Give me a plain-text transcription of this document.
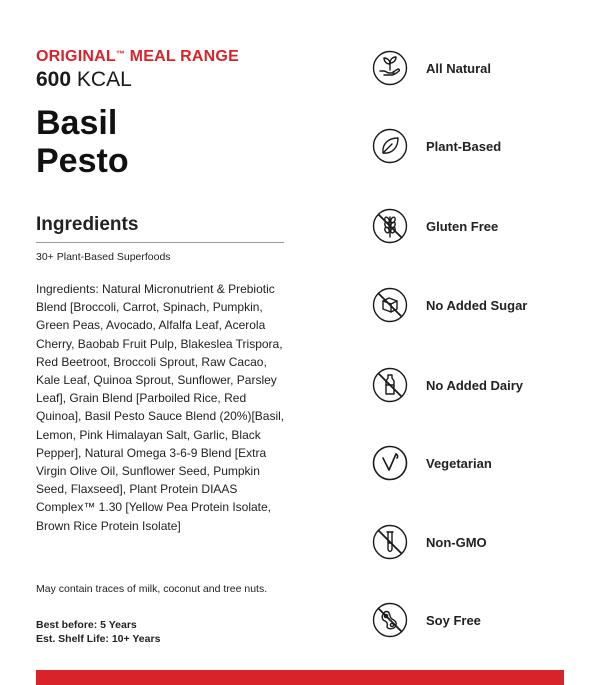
ORIGINAL™ MEAL RANGE
600 KCAL
Basil
Pesto
Ingredients
30+ Plant-Based Superfoods
Ingredients: Natural Micronutrient & Prebiotic
Blend [Broccoli, Carrot, Spinach, Pumpkin,
Green Peas, Avocado, Alfalfa Leaf, Acerola
Cherry, Baobab Fruit Pulp, Blakeslea Trispora,
Red Beetroot, Broccoli Sprout, Raw Cacao,
Kale Leaf, Quinoa Sprout, Sunflower, Parsley
Leaf], Grain Blend [Parboiled Rice, Red
Quinoa], Basil Pesto Sauce Blend (20%)[Basil,
Lemon, Pink Himalayan Salt, Garlic, Black
Pepper], Natural Omega 3-6-9 Blend [Extra
Virgin Olive Oil, Sunflower Seed, Pumpkin
Seed, Flaxseed], Plant Protein DIAAS
Complex™ 1.30 [Yellow Pea Protein Isolate,
Brown Rice Protein Isolate]
May contain traces of milk, coconut and tree nuts.
Best before: 5 Years
Est. Shelf Life: 10+ Years
All Natural
Plant-Based
Gluten Free
No Added Sugar
No Added Dairy
Vegetarian
Non-GMO
Soy Free
